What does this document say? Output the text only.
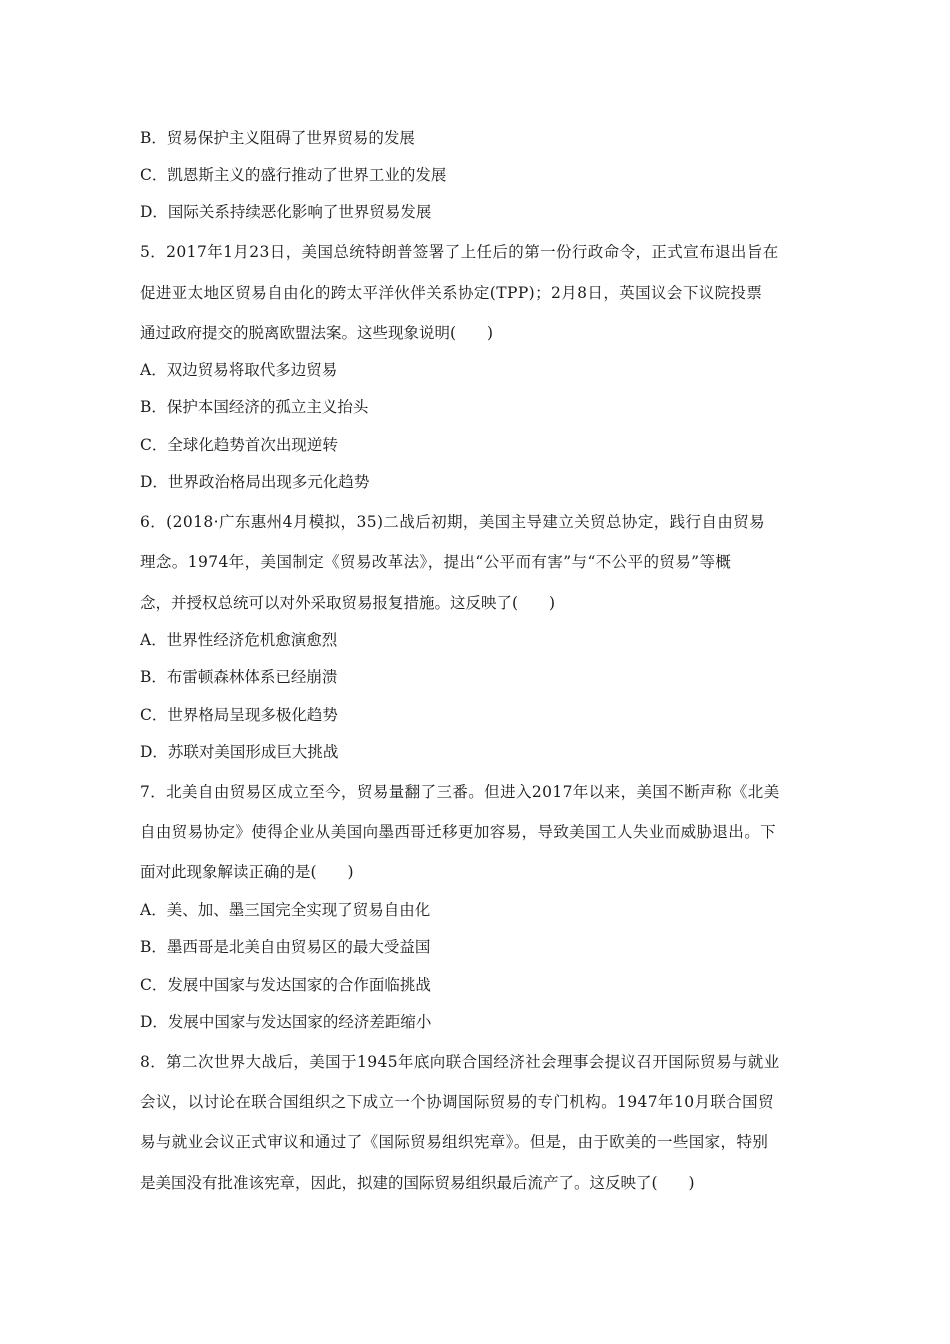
B．贸易保护主义阻碍了世界贸易的发展
C．凯恩斯主义的盛行推动了世界工业的发展
D．国际关系持续恶化影响了世界贸易发展
5．2017年1月23日，美国总统特朗普签署了上任后的第一份行政命令，正式宣布退出旨在
促进亚太地区贸易自由化的跨太平洋伙伴关系协定(TPP)；2月8日，英国议会下议院投票
通过政府提交的脱离欧盟法案。这些现象说明(　　)
A．双边贸易将取代多边贸易
B．保护本国经济的孤立主义抬头
C．全球化趋势首次出现逆转
D．世界政治格局出现多元化趋势
6．(2018·广东惠州4月模拟，35)二战后初期，美国主导建立关贸总协定，践行自由贸易
理念。1974年，美国制定《贸易改革法》，提出“公平而有害”与“不公平的贸易”等概
念，并授权总统可以对外采取贸易报复措施。这反映了(　　)
A．世界性经济危机愈演愈烈
B．布雷顿森林体系已经崩溃
C．世界格局呈现多极化趋势
D．苏联对美国形成巨大挑战
7．北美自由贸易区成立至今，贸易量翻了三番。但进入2017年以来，美国不断声称《北美
自由贸易协定》使得企业从美国向墨西哥迁移更加容易，导致美国工人失业而威胁退出。下
面对此现象解读正确的是(　　)
A．美、加、墨三国完全实现了贸易自由化
B．墨西哥是北美自由贸易区的最大受益国
C．发展中国家与发达国家的合作面临挑战
D．发展中国家与发达国家的经济差距缩小
8．第二次世界大战后，美国于1945年底向联合国经济社会理事会提议召开国际贸易与就业
会议，以讨论在联合国组织之下成立一个协调国际贸易的专门机构。1947年10月联合国贸
易与就业会议正式审议和通过了《国际贸易组织宪章》。但是，由于欧美的一些国家，特别
是美国没有批准该宪章，因此，拟建的国际贸易组织最后流产了。这反映了(　　)
